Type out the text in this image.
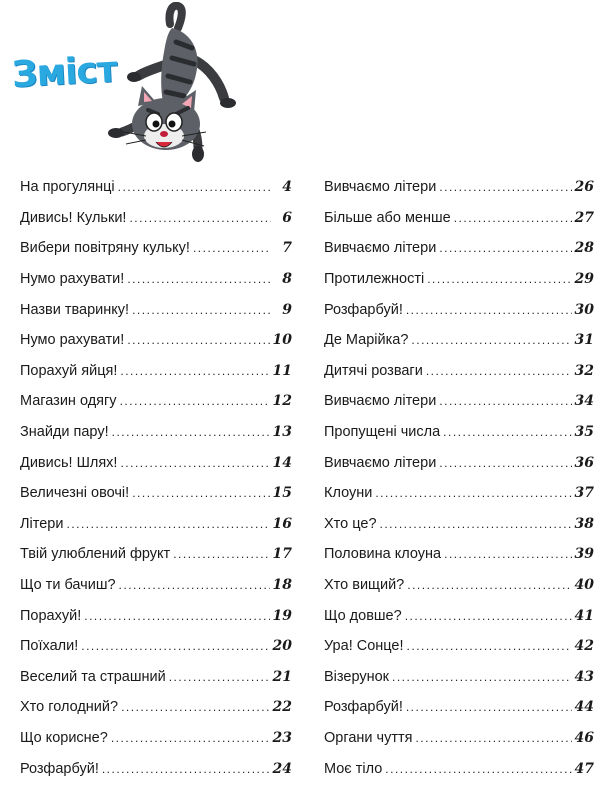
Зміст
На прогулянці .....	4
Дивись! Кульки! .....	6
Вибери повітряну кульку! .....	7
Нумо рахувати! .....	8
Назви тваринку! .....	9
Нумо рахувати! .....	10
Порахуй яйця! .....	11
Магазин одягу .....	12
Знайди пару! .....	13
Дивись! Шлях! .....	14
Величезні овочі! .....	15
Літери .....	16
Твій улюблений фрукт .....	17
Що ти бачиш? .....	18
Порахуй! .....	19
Поїхали! .....	20
Веселий та страшний .....	21
Хто голодний? .....	22
Що корисне? .....	23
Розфарбуй! .....	24
Вивчаємо літери .....	26
Більше або менше .....	27
Вивчаємо літери .....	28
Протилежності .....	29
Розфарбуй! .....	30
Де Марійка? .....	31
Дитячі розваги .....	32
Вивчаємо літери .....	34
Пропущені числа .....	35
Вивчаємо літери .....	36
Клоуни .....	37
Хто це? .....	38
Половина клоуна .....	39
Хто вищий? .....	40
Що довше? .....	41
Ура! Сонце! .....	42
Візерунок .....	43
Розфарбуй! .....	44
Органи чуття .....	46
Моє тіло .....	47
